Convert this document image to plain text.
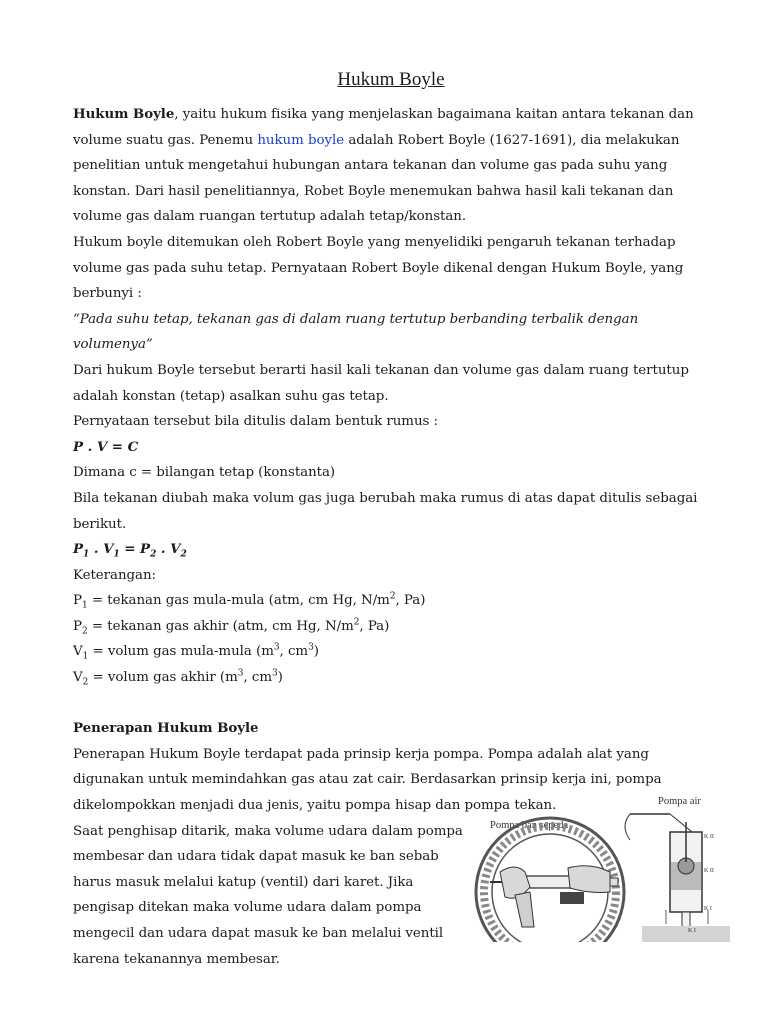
Hukum Boyle

Hukum Boyle, yaitu hukum fisika yang menjelaskan bagaimana kaitan antara tekanan dan volume suatu gas. Penemu hukum boyle adalah Robert Boyle (1627-1691), dia melakukan penelitian untuk mengetahui hubungan antara tekanan dan volume gas pada suhu yang konstan. Dari hasil penelitiannya, Robet Boyle menemukan bahwa hasil kali tekanan dan volume gas dalam ruangan tertutup adalah tetap/konstan.

Hukum boyle ditemukan oleh Robert Boyle yang menyelidiki pengaruh tekanan terhadap volume gas pada suhu tetap. Pernyataan Robert Boyle dikenal dengan Hukum Boyle, yang berbunyi :

“Pada suhu tetap, tekanan gas di dalam ruang tertutup berbanding terbalik dengan volumenya”

Dari hukum Boyle tersebut berarti hasil kali tekanan dan volume gas dalam ruang tertutup adalah konstan (tetap) asalkan suhu gas tetap.

Pernyataan tersebut bila ditulis dalam bentuk rumus :

P . V = C

Dimana c = bilangan tetap (konstanta)

Bila tekanan diubah maka volum gas juga berubah maka rumus di atas dapat ditulis sebagai berikut.

$P_1$ . $V_1 = P_2$ . $V_2$

Keterangan:

$P_1$ = tekanan gas mula-mula (atm, cm Hg, $N/m^2$, Pa)

$P_2$ = tekanan gas akhir (atm, cm Hg, $N/m^2$, Pa)

$V_1$ = volum gas mula-mula ($m^3$, $cm^3$)

$V_2$ = volum gas akhir ($m^3$, $cm^3$)

Penerapan Hukum Boyle

Penerapan Hukum Boyle terdapat pada prinsip kerja pompa. Pompa adalah alat yang digunakan untuk memindahkan gas atau zat cair. Berdasarkan prinsip kerja ini, pompa dikelompokkan menjadi dua jenis, yaitu pompa hisap dan pompa tekan.

Saat penghisap ditarik, maka volume udara dalam pompa
membesar dan udara tidak dapat masuk ke ban sebab
harus masuk melalui katup (ventil) dari karet. Jika
pengisap ditekan maka volume udara dalam pompa
mengecil dan udara dapat masuk ke ban melalui ventil
karena tekanannya membesar.
Pompa ban sepeda
Pompa air
K II
K II
K I
K I
